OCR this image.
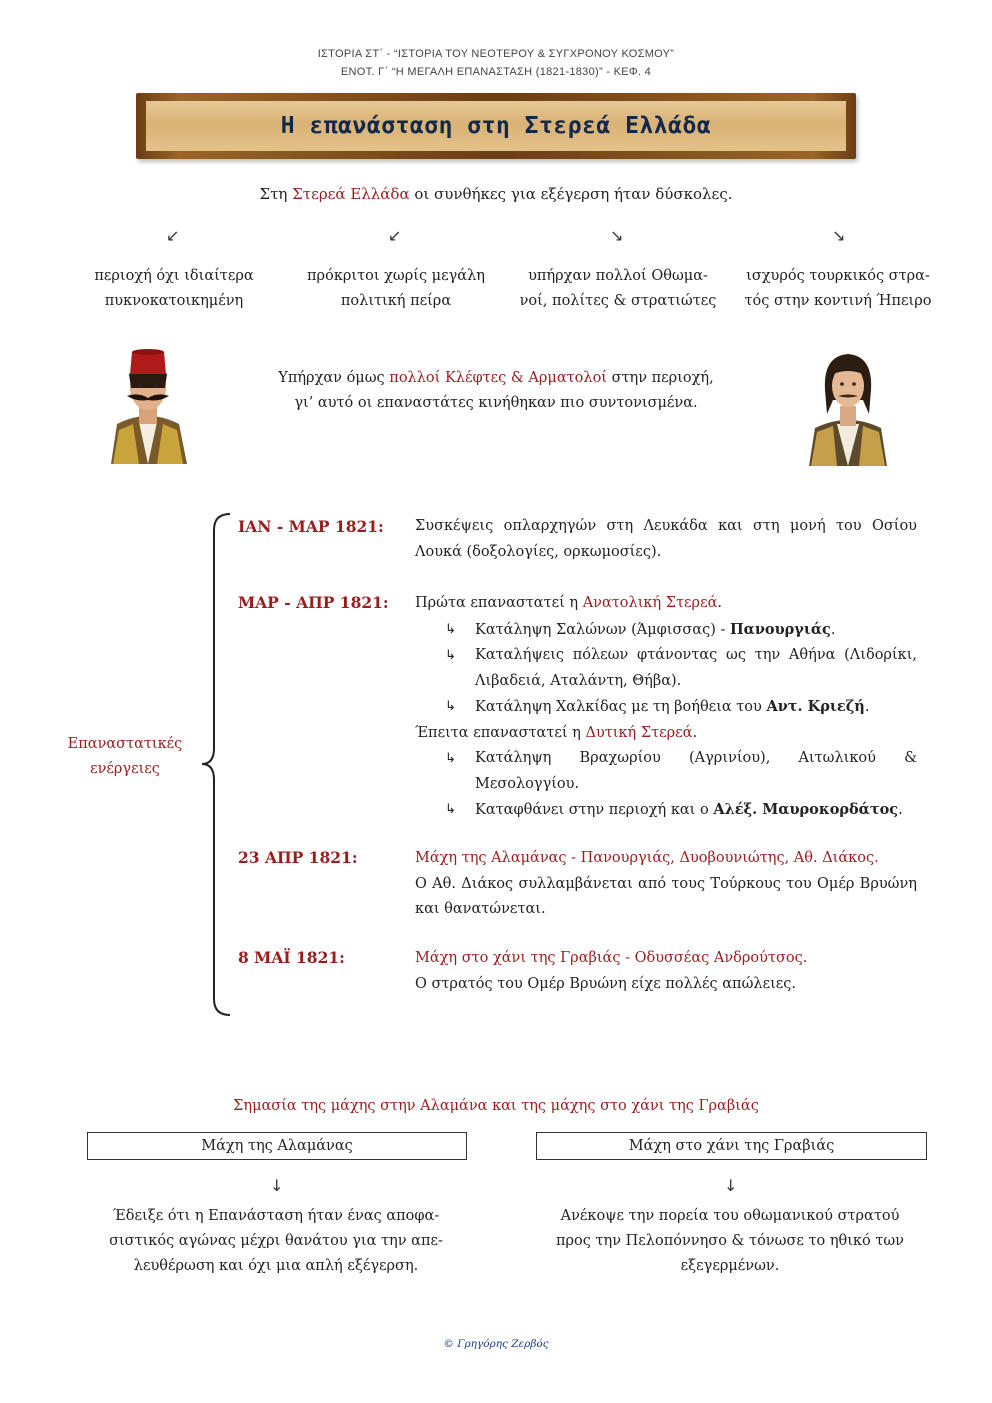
ΙΣΤΟΡΙΑ ΣΤ΄ - “ΙΣΤΟΡΙΑ ΤΟΥ ΝΕΟΤΕΡΟΥ & ΣΥΓΧΡΟΝΟΥ ΚΟΣΜΟΥ”
ΕΝΟΤ. Γ΄ “Η ΜΕΓΑΛΗ ΕΠΑΝΑΣΤΑΣΗ (1821-1830)” - ΚΕΦ. 4
Η επανάσταση στη Στερεά Ελλάδα
Στη Στερεά Ελλάδα οι συνθήκες για εξέγερση ήταν δύσκολες.
↙	↙	↘	↘
περιοχή όχι ιδιαίτερα
πυκνοκατοικημένη
πρόκριτοι χωρίς μεγάλη
πολιτική πείρα
υπήρχαν πολλοί Οθωμα-
νοί, πολίτες & στρατιώτες
ισχυρός τουρκικός στρα-
τός στην κοντινή Ήπειρο
Υπήρχαν όμως πολλοί Κλέφτες & Αρματολοί στην περιοχή,
γι’ αυτό οι επαναστάτες κινήθηκαν πιο συντονισμένα.
Επαναστατικές
ενέργειες
ΙΑΝ - ΜΑΡ 1821: Συσκέψεις οπλαρχηγών στη Λευκάδα και στη μονή του Οσίου Λουκά (δοξολογίες, ορκωμοσίες).
ΜΑΡ - ΑΠΡ 1821: Πρώτα επαναστατεί η Ανατολική Στερεά.
↳ Κατάληψη Σαλώνων (Άμφισσας) - Πανουργιάς.
↳ Καταλήψεις πόλεων φτάνοντας ως την Αθήνα (Λιδορίκι, Λιβαδειά, Αταλάντη, Θήβα).
↳ Κατάληψη Χαλκίδας με τη βοήθεια του Αντ. Κριεζή.
Έπειτα επαναστατεί η Δυτική Στερεά.
↳ Κατάληψη Βραχωρίου (Αγρινίου), Αιτωλικού & Μεσολογγίου.
↳ Καταφθάνει στην περιοχή και ο Αλέξ. Μαυροκορδάτος.
23 ΑΠΡ 1821:	Μάχη της Αλαμάνας - Πανουργιάς, Δυοβουνιώτης, Αθ. Διάκος.
Ο Αθ. Διάκος συλλαμβάνεται από τους Τούρκους του Ομέρ Βρυώνη και θανατώνεται.
8 ΜΑΪ 1821:	Μάχη στο χάνι της Γραβιάς - Οδυσσέας Ανδρούτσος.
Ο στρατός του Ομέρ Βρυώνη είχε πολλές απώλειες.
Σημασία της μάχης στην Αλαμάνα και της μάχης στο χάνι της Γραβιάς
Μάχη της Αλαμάνας	Μάχη στο χάνι της Γραβιάς
↓	↓
Έδειξε ότι η Επανάσταση ήταν ένας αποφα-
σιστικός αγώνας μέχρι θανάτου για την απε-
λευθέρωση και όχι μια απλή εξέγερση.
Ανέκοψε την πορεία του οθωμανικού στρατού
προς την Πελοπόννησο & τόνωσε το ηθικό των
εξεγερμένων.
© Γρηγόρης Ζερβός
